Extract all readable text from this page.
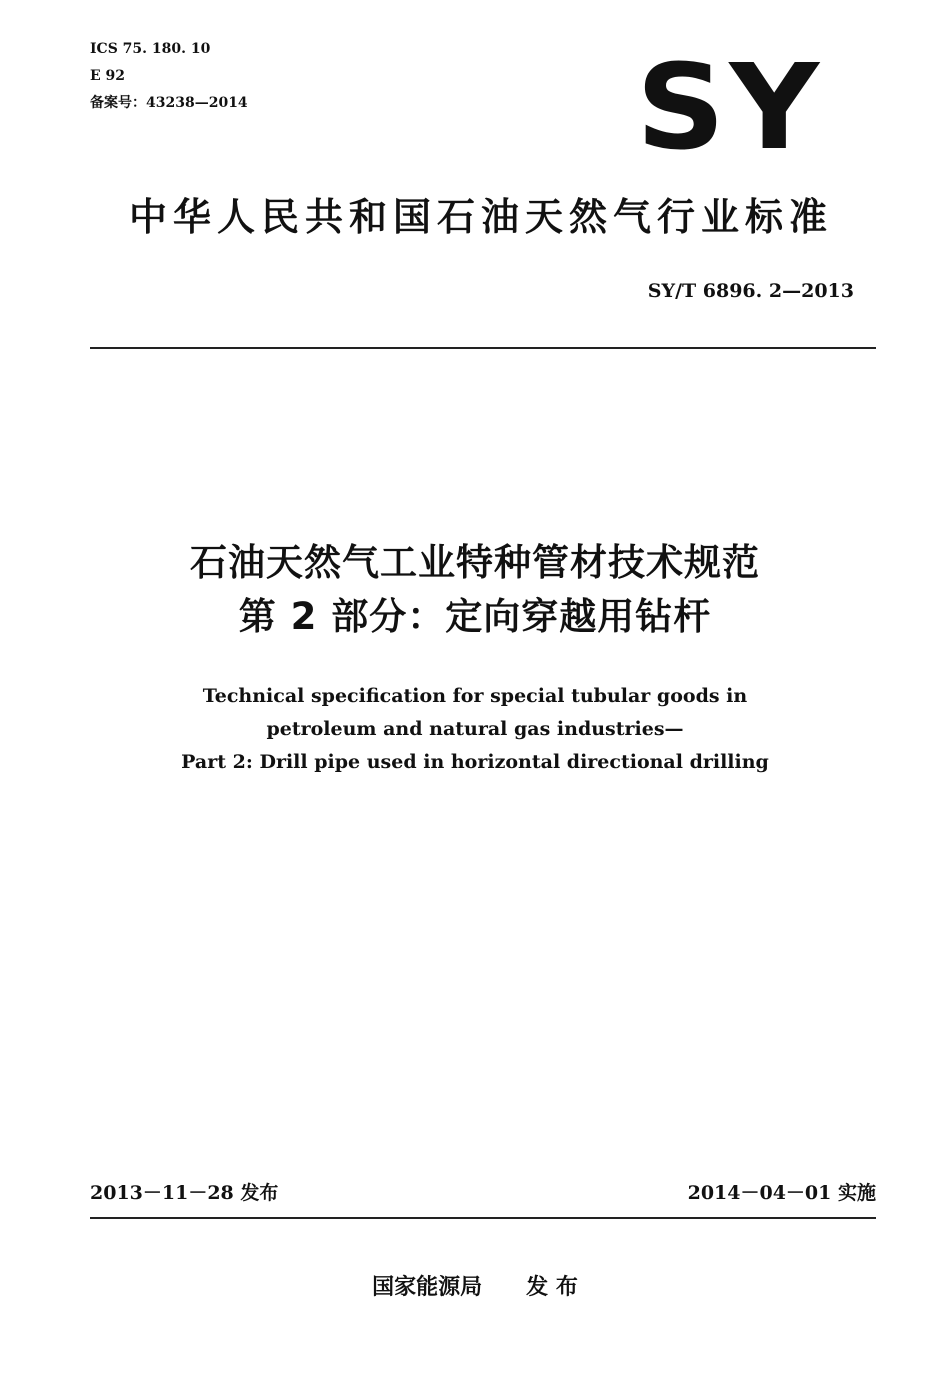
ICS 75. 180. 10
E 92
备案号：43238—2014	SY
中华人民共和国石油天然气行业标准
SY/T 6896. 2—2013
石油天然气工业特种管材技术规范
第 2 部分：定向穿越用钻杆
Technical specification for special tubular goods in
petroleum and natural gas industries—
Part 2: Drill pipe used in horizontal directional drilling
2013－11－28 发布	2014－04－01 实施
国家能源局 发 布
